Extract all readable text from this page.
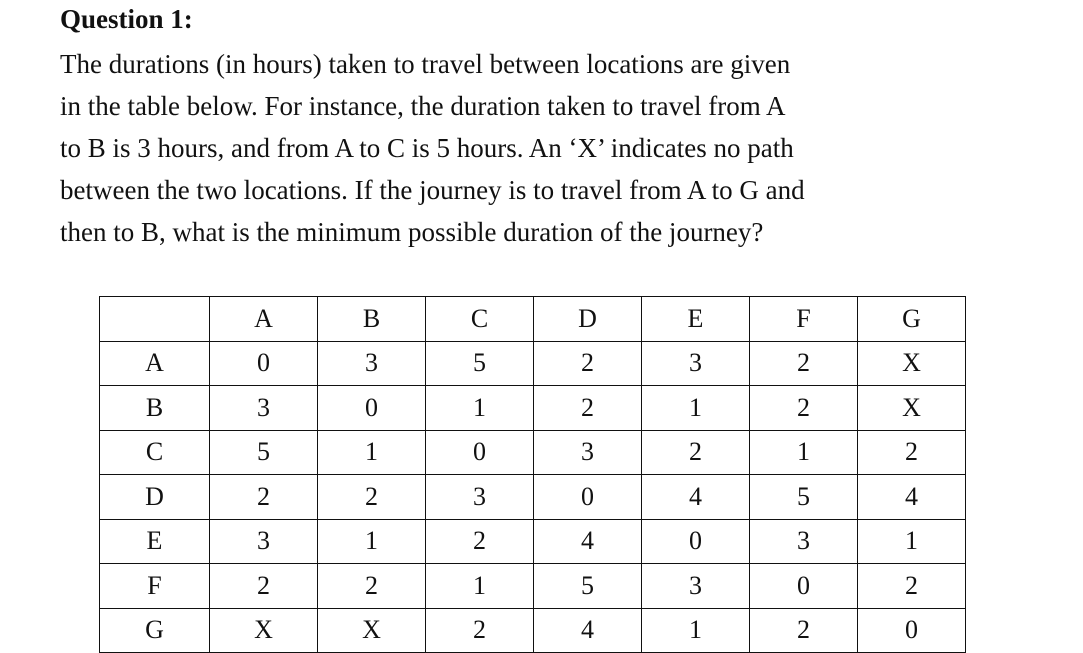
Question 1:
The durations (in hours) taken to travel between locations are given
in the table below. For instance, the duration taken to travel from A
to B is 3 hours, and from A to C is 5 hours. An ‘X’ indicates no path
between the two locations. If the journey is to travel from A to G and
then to B, what is the minimum possible duration of the journey?
	A	B	C	D	E	F	G
A	0	3	5	2	3	2	X
B	3	0	1	2	1	2	X
C	5	1	0	3	2	1	2
D	2	2	3	0	4	5	4
E	3	1	2	4	0	3	1
F	2	2	1	5	3	0	2
G	X	X	2	4	1	2	0
